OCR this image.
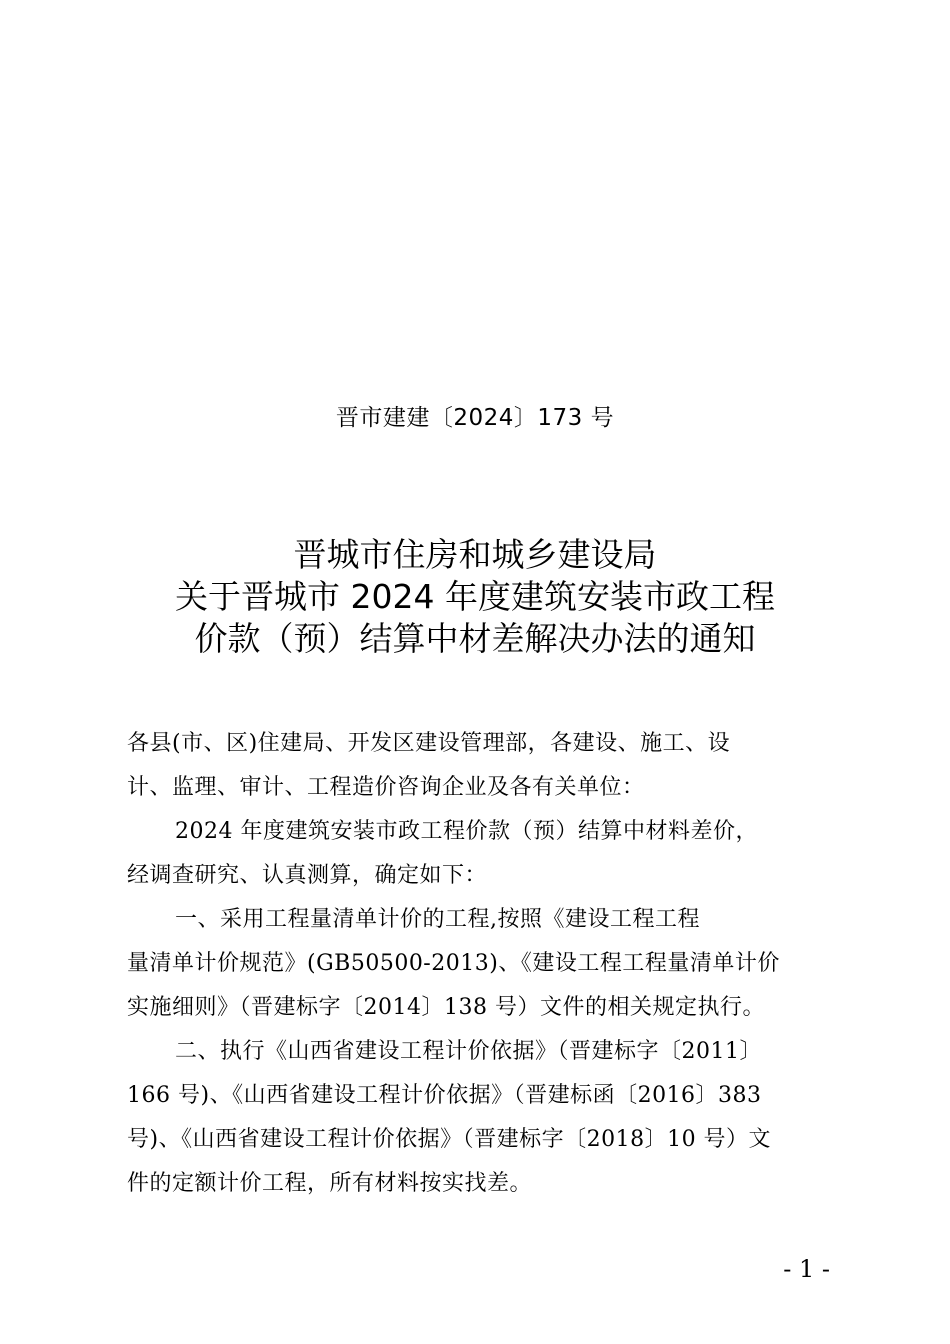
晋市建建〔2024〕173 号
晋城市住房和城乡建设局
关于晋城市 2024 年度建筑安装市政工程
价款（预）结算中材差解决办法的通知

各县(市、区)住建局、开发区建设管理部，各建设、施工、设
计、监理、审计、工程造价咨询企业及各有关单位：

2024 年度建筑安装市政工程价款（预）结算中材料差价，
经调查研究、认真测算，确定如下：

一、采用工程量清单计价的工程,按照《建设工程工程
量清单计价规范》(GB50500-2013)、《建设工程工程量清单计价
实施细则》（晋建标字〔2014〕138 号）文件的相关规定执行。

二、执行《山西省建设工程计价依据》（晋建标字〔2011〕
166 号)、《山西省建设工程计价依据》（晋建标函〔2016〕383
号)、《山西省建设工程计价依据》（晋建标字〔2018〕10 号）文
件的定额计价工程，所有材料按实找差。

- 1 -
